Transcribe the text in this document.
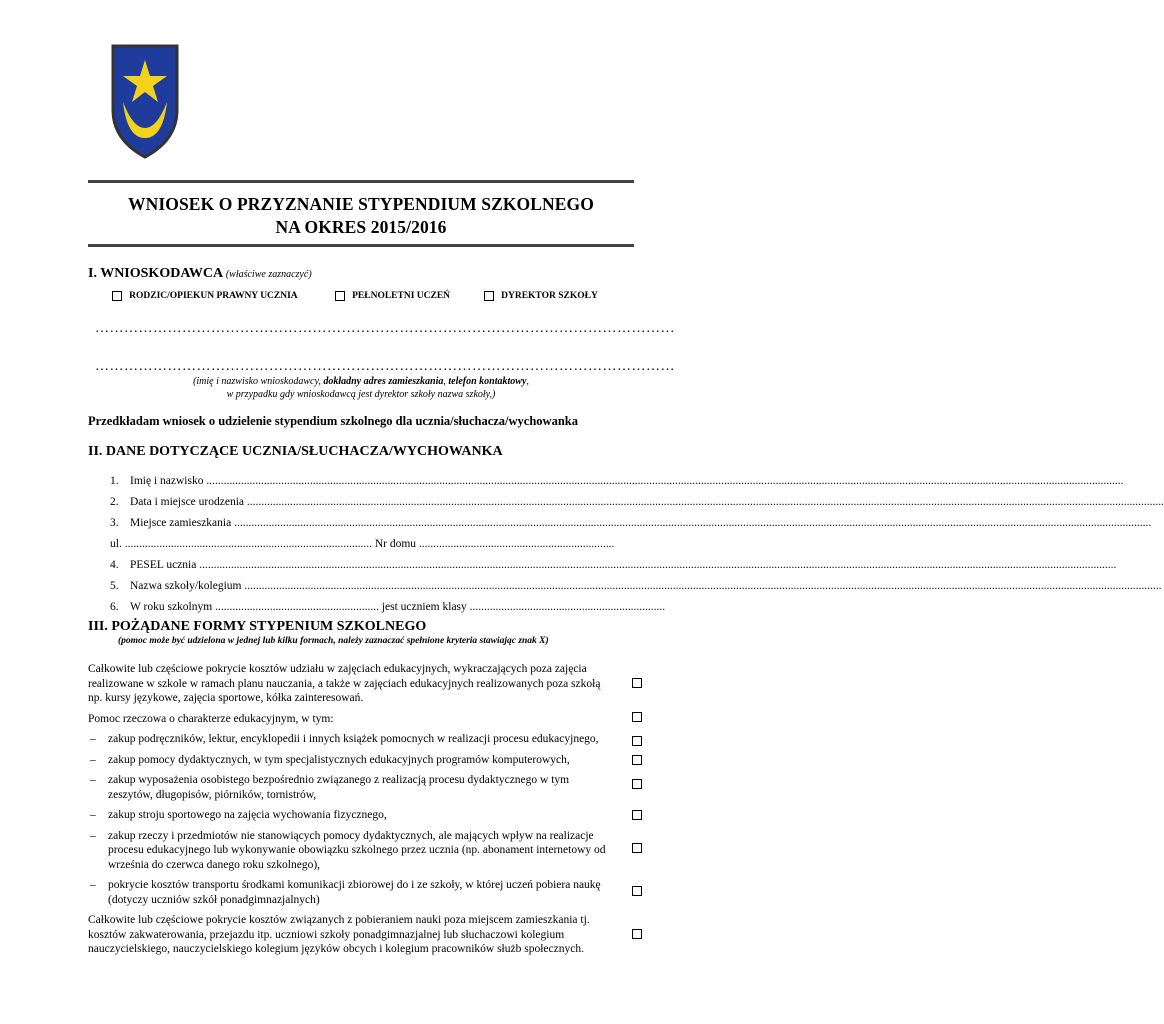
WNIOSEK O PRZYZNANIE STYPENDIUM SZKOLNEGO
NA OKRES 2015/2016
I. WNIOSKODAWCA (właściwe zaznaczyć)
RODZIC/OPIEKUN PRAWNY UCZNIA	PEŁNOLETNI UCZEŃ	DYREKTOR SZKOŁY
…………………………………………………………………………………………………………
…………………………………………………………………………………………………………
(imię i nazwisko wnioskodawcy, dokładny adres zamieszkania, telefon kontaktowy,
w przypadku gdy wnioskodawcą jest dyrektor szkoły nazwa szkoły,)
Przedkładam wniosek o udzielenie stypendium szkolnego dla ucznia/słuchacza/wychowanka
II. DANE DOTYCZĄCE UCZNIA/SŁUCHACZA/WYCHOWANKA
1. Imię i nazwisko .....
2. Data i miejsce urodzenia .....
3. Miejsce zamieszkania .....
ul. ...................................................................................... Nr domu ....................................................................
4. PESEL ucznia .....
5. Nazwa szkoły/kolegium .....
6. W roku szkolnym ......................................................... jest uczniem klasy ....................................................................
III. POŻĄDANE FORMY STYPENIUM SZKOLNEGO
(pomoc może być udzielona w jednej lub kilku formach, należy zaznaczać spełnione kryteria stawiając znak X)
Całkowite lub częściowe pokrycie kosztów udziału w zajęciach edukacyjnych, wykraczających poza zajęcia realizowane w szkole w ramach planu nauczania, a także w zajęciach edukacyjnych realizowanych poza szkołą np. kursy językowe, zajęcia sportowe, kółka zainteresowań.
Pomoc rzeczowa o charakterze edukacyjnym, w tym:
–	zakup podręczników, lektur, encyklopedii i innych książek pomocnych w realizacji procesu edukacyjnego,
–	zakup pomocy dydaktycznych, w tym specjalistycznych edukacyjnych programów komputerowych,
–	zakup wyposażenia osobistego bezpośrednio związanego z realizacją procesu dydaktycznego w tym zeszytów, długopisów, piórników, tornistrów,
–	zakup stroju sportowego na zajęcia wychowania fizycznego,
–	zakup rzeczy i przedmiotów nie stanowiących pomocy dydaktycznych, ale mających wpływ na realizacje procesu edukacyjnego lub wykonywanie obowiązku szkolnego przez ucznia (np. abonament internetowy od września do czerwca danego roku szkolnego),
–	pokrycie kosztów transportu środkami komunikacji zbiorowej do i ze szkoły, w której uczeń pobiera naukę (dotyczy uczniów szkół ponadgimnazjalnych)
Całkowite lub częściowe pokrycie kosztów związanych z pobieraniem nauki poza miejscem zamieszkania tj. kosztów zakwaterowania, przejazdu itp. uczniowi szkoły ponadgimnazjalnej lub słuchaczowi kolegium nauczycielskiego, nauczycielskiego kolegium języków obcych i kolegium pracowników służb społecznych.
